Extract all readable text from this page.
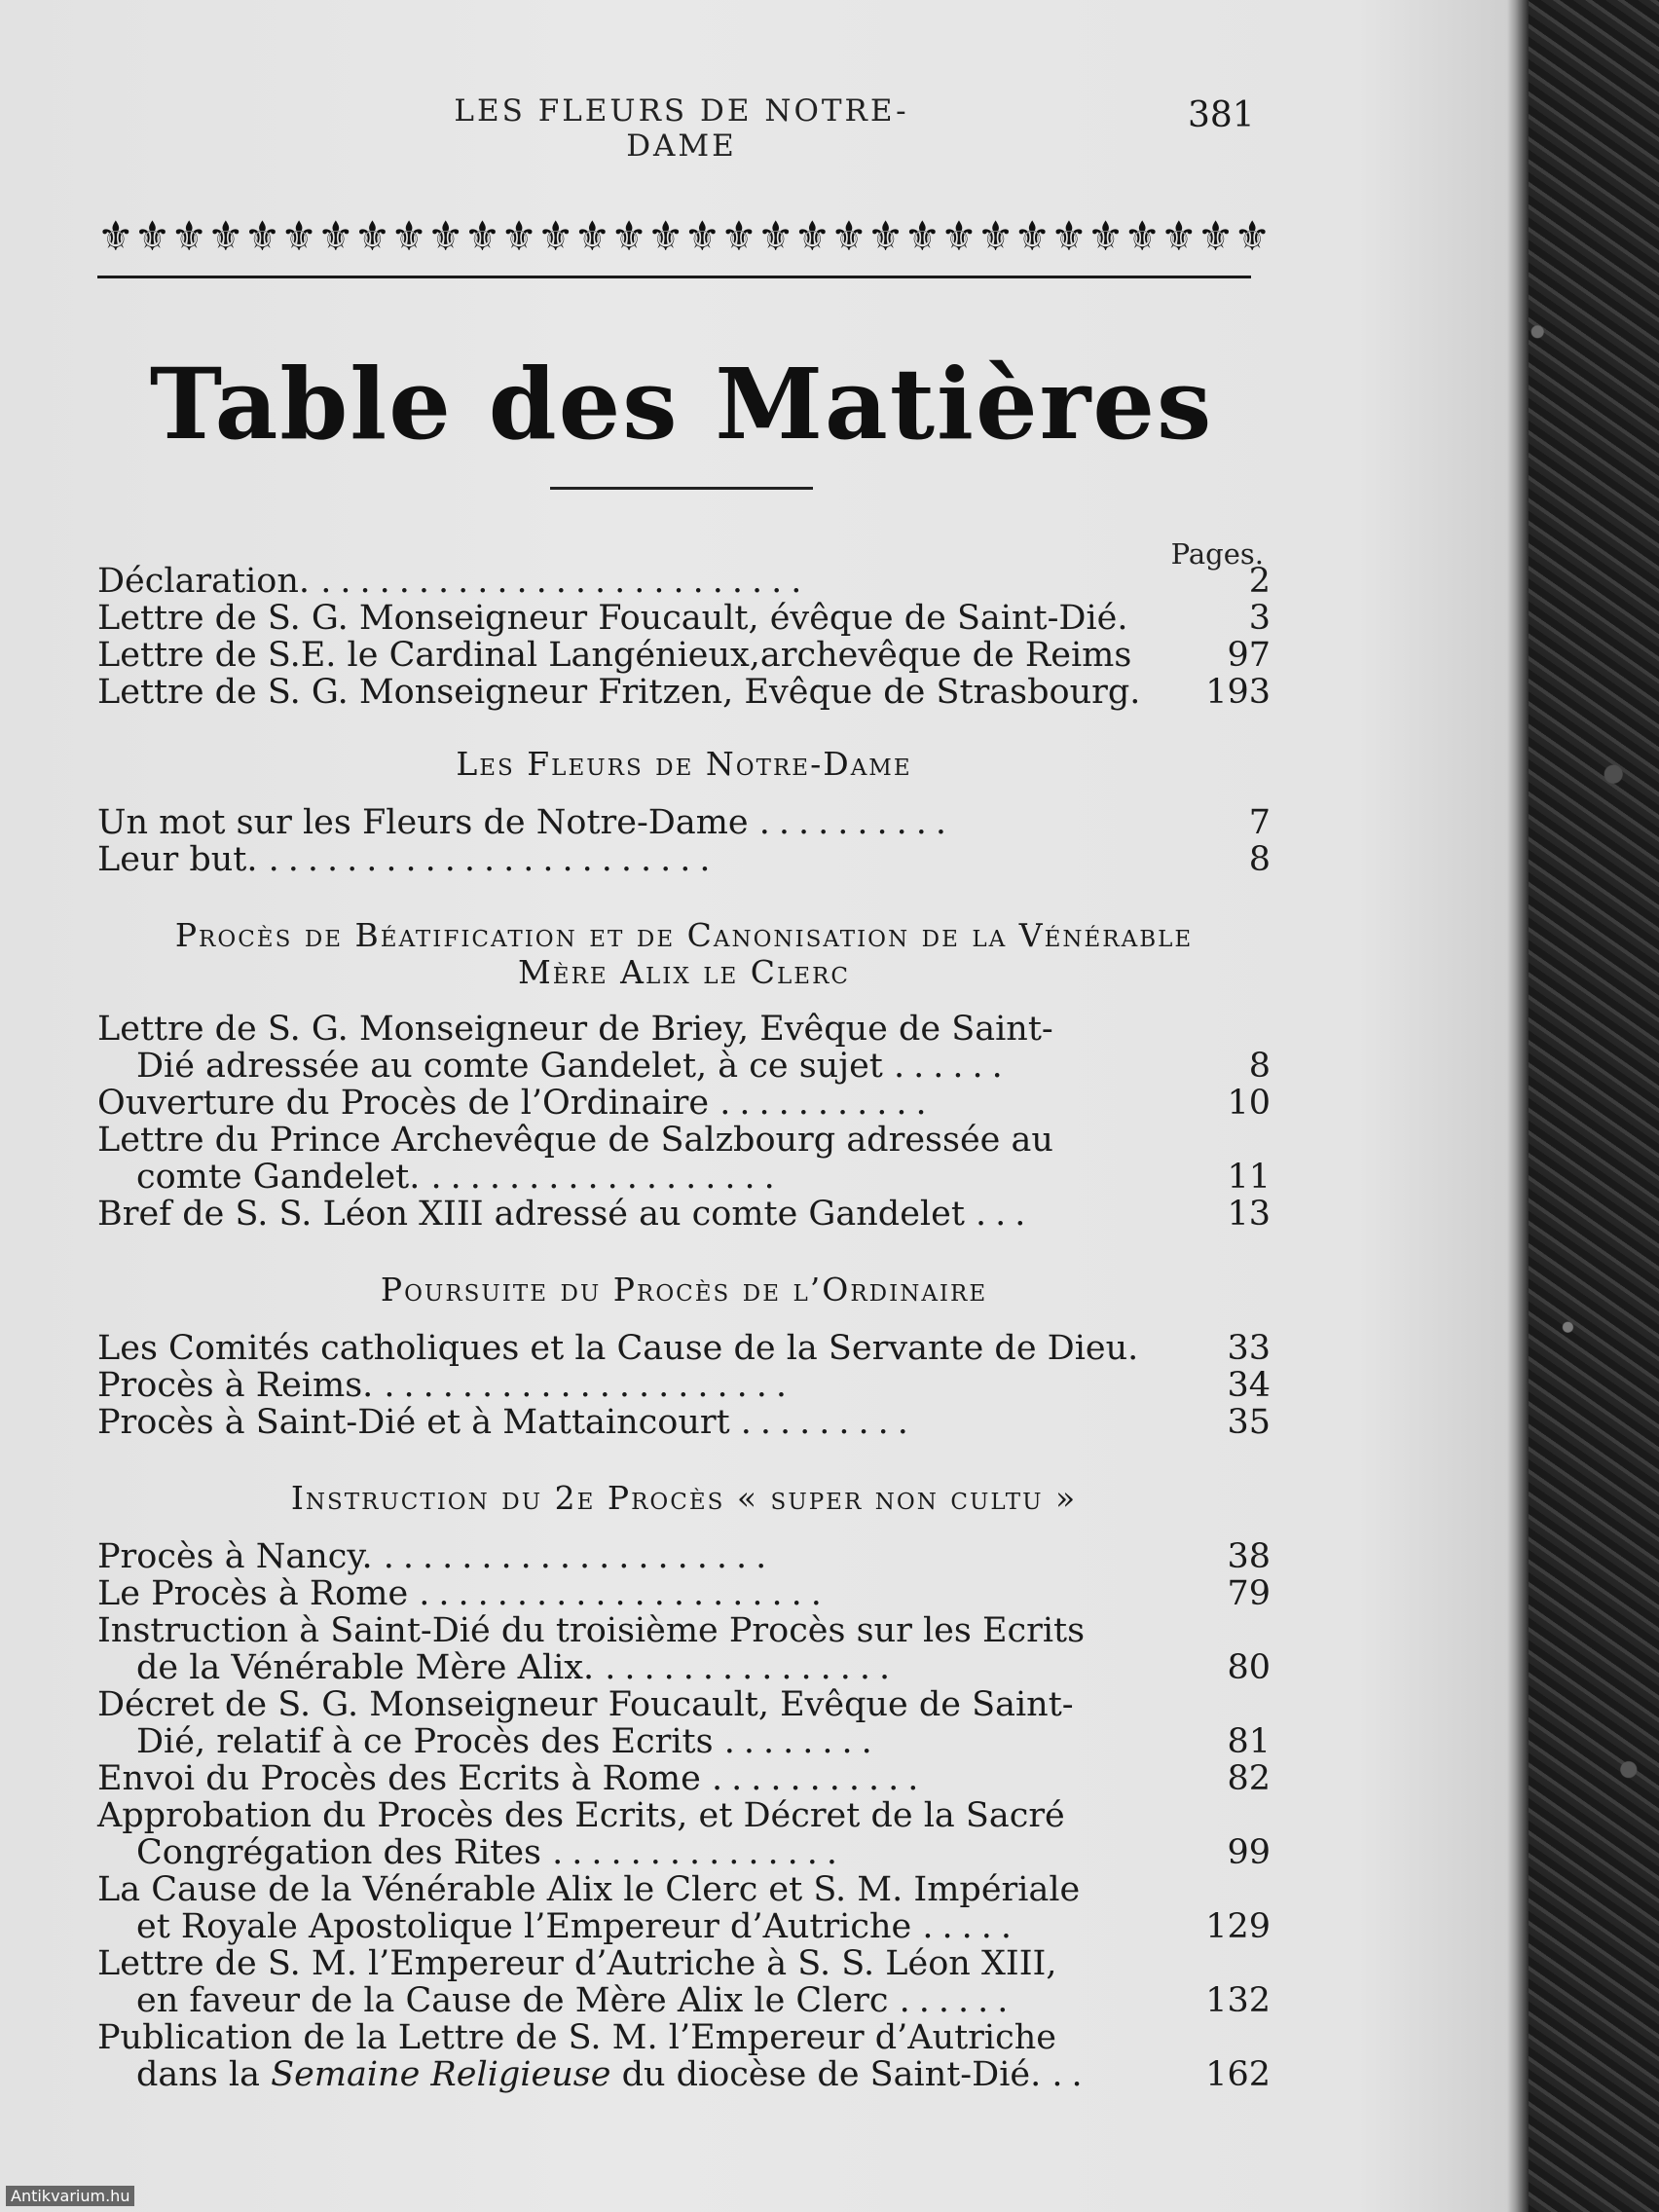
LES FLEURS DE NOTRE-DAME
381
⚜ ⚜ ⚜ ⚜ ⚜ ⚜ ⚜ ⚜ ⚜ ⚜ ⚜ ⚜ ⚜ ⚜ ⚜ ⚜ ⚜ ⚜ ⚜ ⚜ ⚜ ⚜ ⚜ ⚜ ⚜ ⚜ ⚜ ⚜ ⚜ ⚜ ⚜ ⚜
Table des Matières
Pages.
Déclaration. .........................	2
Lettre de S. G. Monseigneur Foucault, évêque de Saint-Dié.	3
Lettre de S.E. le Cardinal Langénieux,archevêque de Reims	97
Lettre de S. G. Monseigneur Fritzen, Evêque de Strasbourg.	193
Les Fleurs de Notre-Dame
Un mot sur les Fleurs de Notre-Dame ..........	7
Leur but. .......................	8
Procès de Béatification et de Canonisation de la Vénérable
Mère Alix le Clerc
Lettre de S. G. Monseigneur de Briey, Evêque de Saint-
Dié adressée au comte Gandelet, à ce sujet ......	8
Ouverture du Procès de l’Ordinaire ...........	10
Lettre du Prince Archevêque de Salzbourg adressée au
comte Gandelet. ..................	11
Bref de S. S. Léon XIII adressé au comte Gandelet ...	13
Poursuite du Procès de l’Ordinaire
Les Comités catholiques et la Cause de la Servante de Dieu.	33
Procès à Reims. .....................	34
Procès à Saint-Dié et à Mattaincourt .........	35
Instruction du 2e Procès « super non cultu »
Procès à Nancy. ....................	38
Le Procès à Rome .....................	79
Instruction à Saint-Dié du troisième Procès sur les Ecrits
de la Vénérable Mère Alix. ...............	80
Décret de S. G. Monseigneur Foucault, Evêque de Saint-
Dié, relatif à ce Procès des Ecrits ........	81
Envoi du Procès des Ecrits à Rome ...........	82
Approbation du Procès des Ecrits, et Décret de la Sacré
Congrégation des Rites ...............	99
La Cause de la Vénérable Alix le Clerc et S. M. Impériale
et Royale Apostolique l’Empereur d’Autriche .....	129
Lettre de S. M. l’Empereur d’Autriche à S. S. Léon XIII,
en faveur de la Cause de Mère Alix le Clerc ......	132
Publication de la Lettre de S. M. l’Empereur d’Autriche
dans la Semaine Religieuse du diocèse de Saint-Dié. ..	162
Antikvarium.hu
